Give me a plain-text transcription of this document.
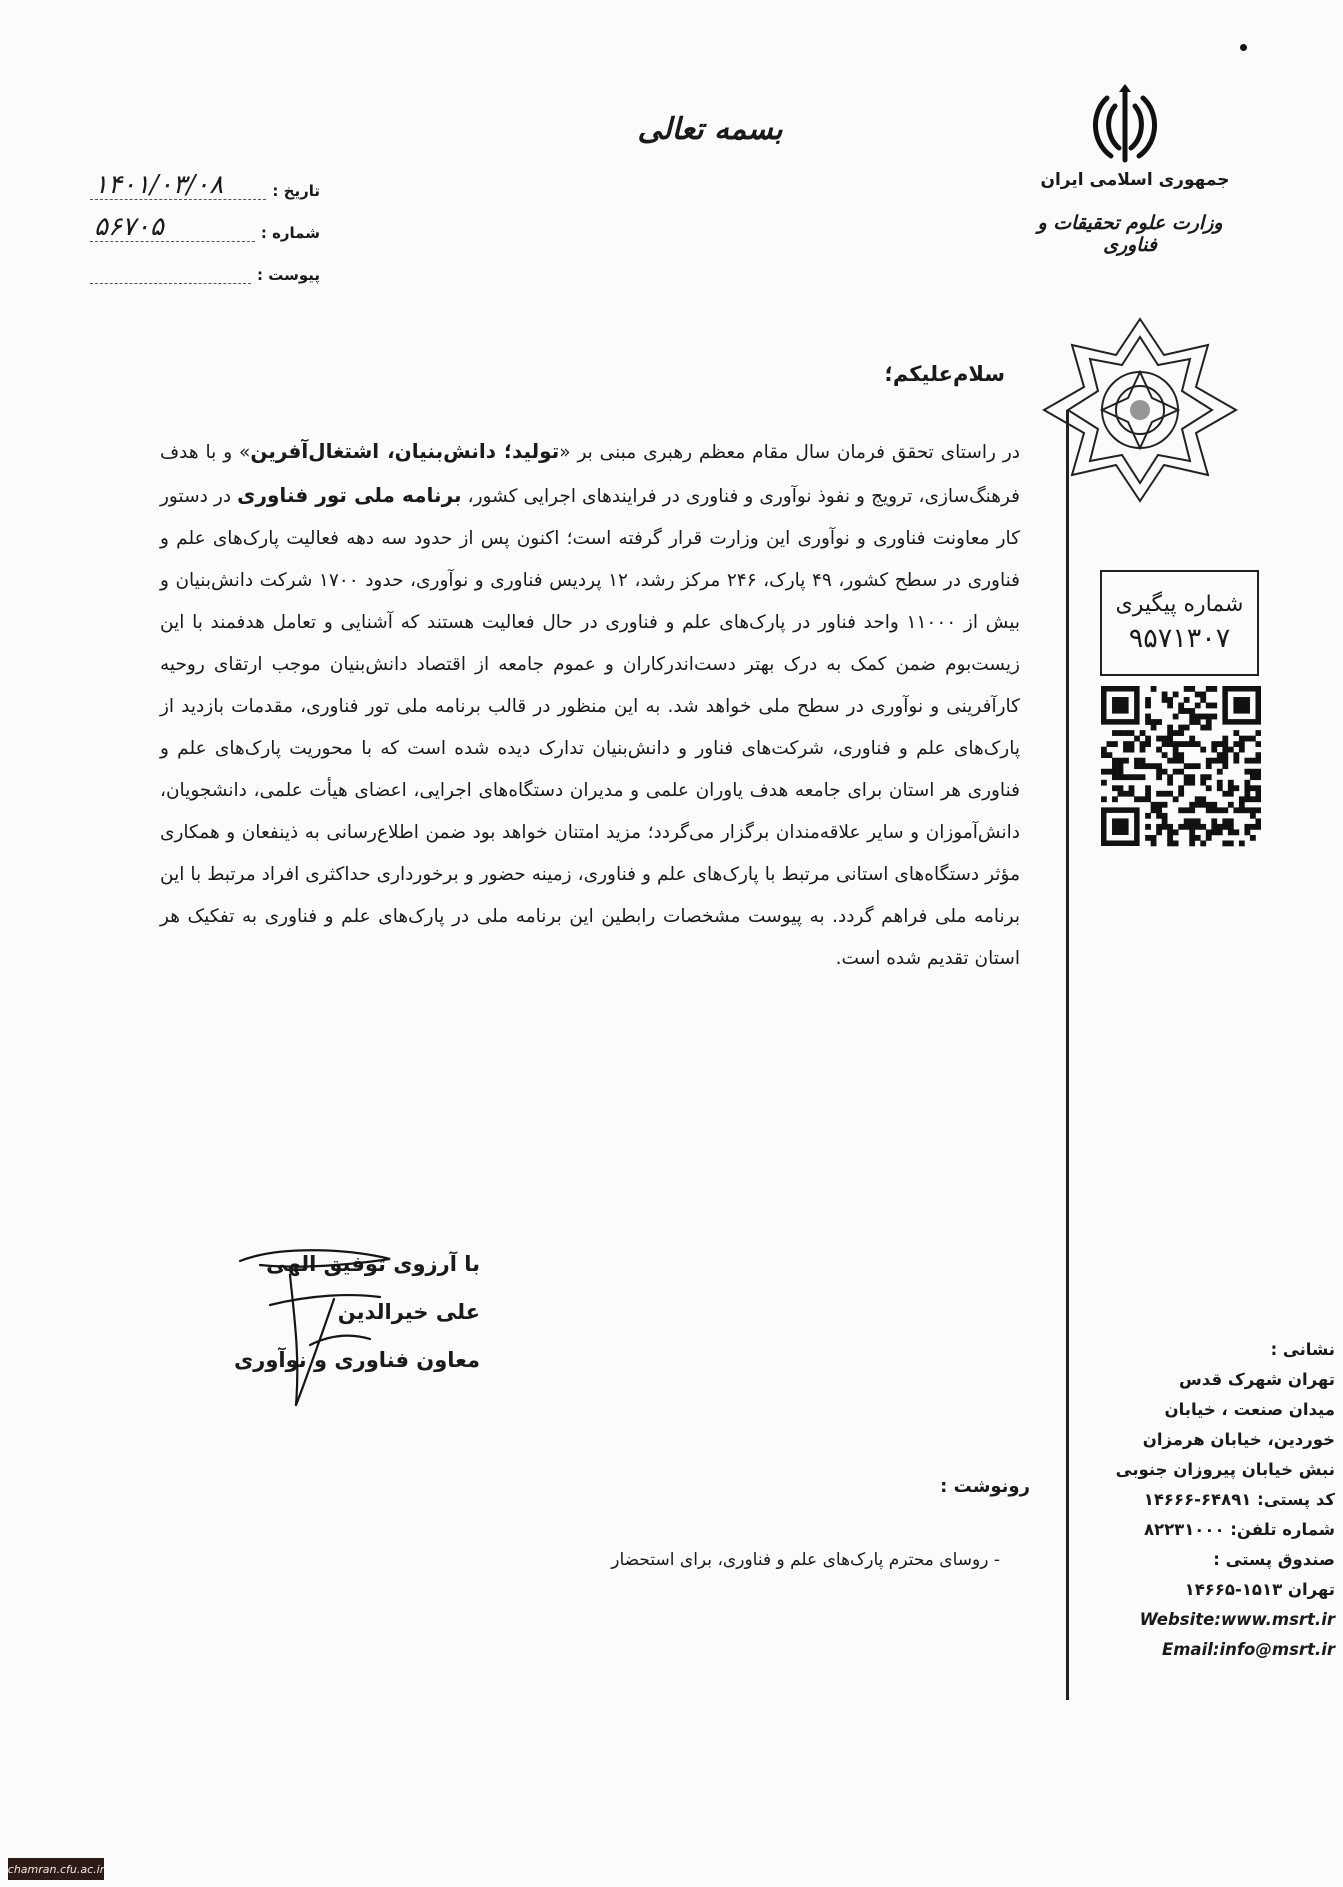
جمهوری اسلامی ایران
وزارت علوم تحقیقات و فناوری
بسمه تعالی
تاریخ :
۱۴۰۱/۰۳/۰۸
شماره :
۵۶۷۰۵
پیوست :
شماره پیگیری
۹۵۷۱۳۰۷
سلام‌علیکم؛
در راستای تحقق فرمان سال مقام معظم رهبری مبنی بر «تولید؛ دانش‌بنیان، اشتغال‌آفرین» و با هدف فرهنگ‌سازی، ترویج و نفوذ نوآوری و فناوری در فرایندهای اجرایی کشور، برنامه ملی تور فناوری در دستور کار معاونت فناوری و نوآوری این وزارت قرار گرفته است؛ اکنون پس از حدود سه دهه فعالیت پارک‌های علم و فناوری در سطح کشور، ۴۹ پارک، ۲۴۶ مرکز رشد، ۱۲ پردیس فناوری و نوآوری، حدود ۱۷۰۰ شرکت دانش‌بنیان و بیش از ۱۱۰۰۰ واحد فناور در پارک‌های علم و فناوری در حال فعالیت هستند که آشنایی و تعامل هدفمند با این زیست‌بوم ضمن کمک به درک بهتر دست‌اندرکاران و عموم جامعه از اقتصاد دانش‌بنیان موجب ارتقای روحیه کارآفرینی و نوآوری در سطح ملی خواهد شد. به این منظور در قالب برنامه ملی تور فناوری، مقدمات بازدید از پارک‌های علم و فناوری، شرکت‌های فناور و دانش‌بنیان تدارک دیده شده است که با محوریت پارک‌های علم و فناوری هر استان برای جامعه هدف یاوران علمی و مدیران دستگاه‌های اجرایی، اعضای هیأت علمی، دانشجویان، دانش‌آموزان و سایر علاقه‌مندان برگزار می‌گردد؛ مزید امتنان خواهد بود ضمن اطلاع‌رسانی به ذینفعان و همکاری مؤثر دستگاه‌های استانی مرتبط با پارک‌های علم و فناوری، زمینه حضور و برخورداری حداکثری افراد مرتبط با این برنامه ملی فراهم گردد. به پیوست مشخصات رابطین این برنامه ملی در پارک‌های علم و فناوری به تفکیک هر استان تقدیم شده است.
با آرزوی توفیق الهی
علی خیرالدین
معاون فناوری و نوآوری
رونوشت :
- روسای محترم پارک‌های علم و فناوری، برای استحضار
نشانی :
تهران شهرک قدس
میدان صنعت ، خیابان
خوردین، خیابان هرمزان
نبش خیابان پیروزان جنوبی
کد پستی: ۶۴۸۹۱-۱۴۶۶۶
شماره تلفن: ۸۲۲۳۱۰۰۰
صندوق پستی :
تهران ۱۵۱۳-۱۴۶۶۵
Website:www.msrt.ir
Email:info@msrt.ir
chamran.cfu.ac.ir
